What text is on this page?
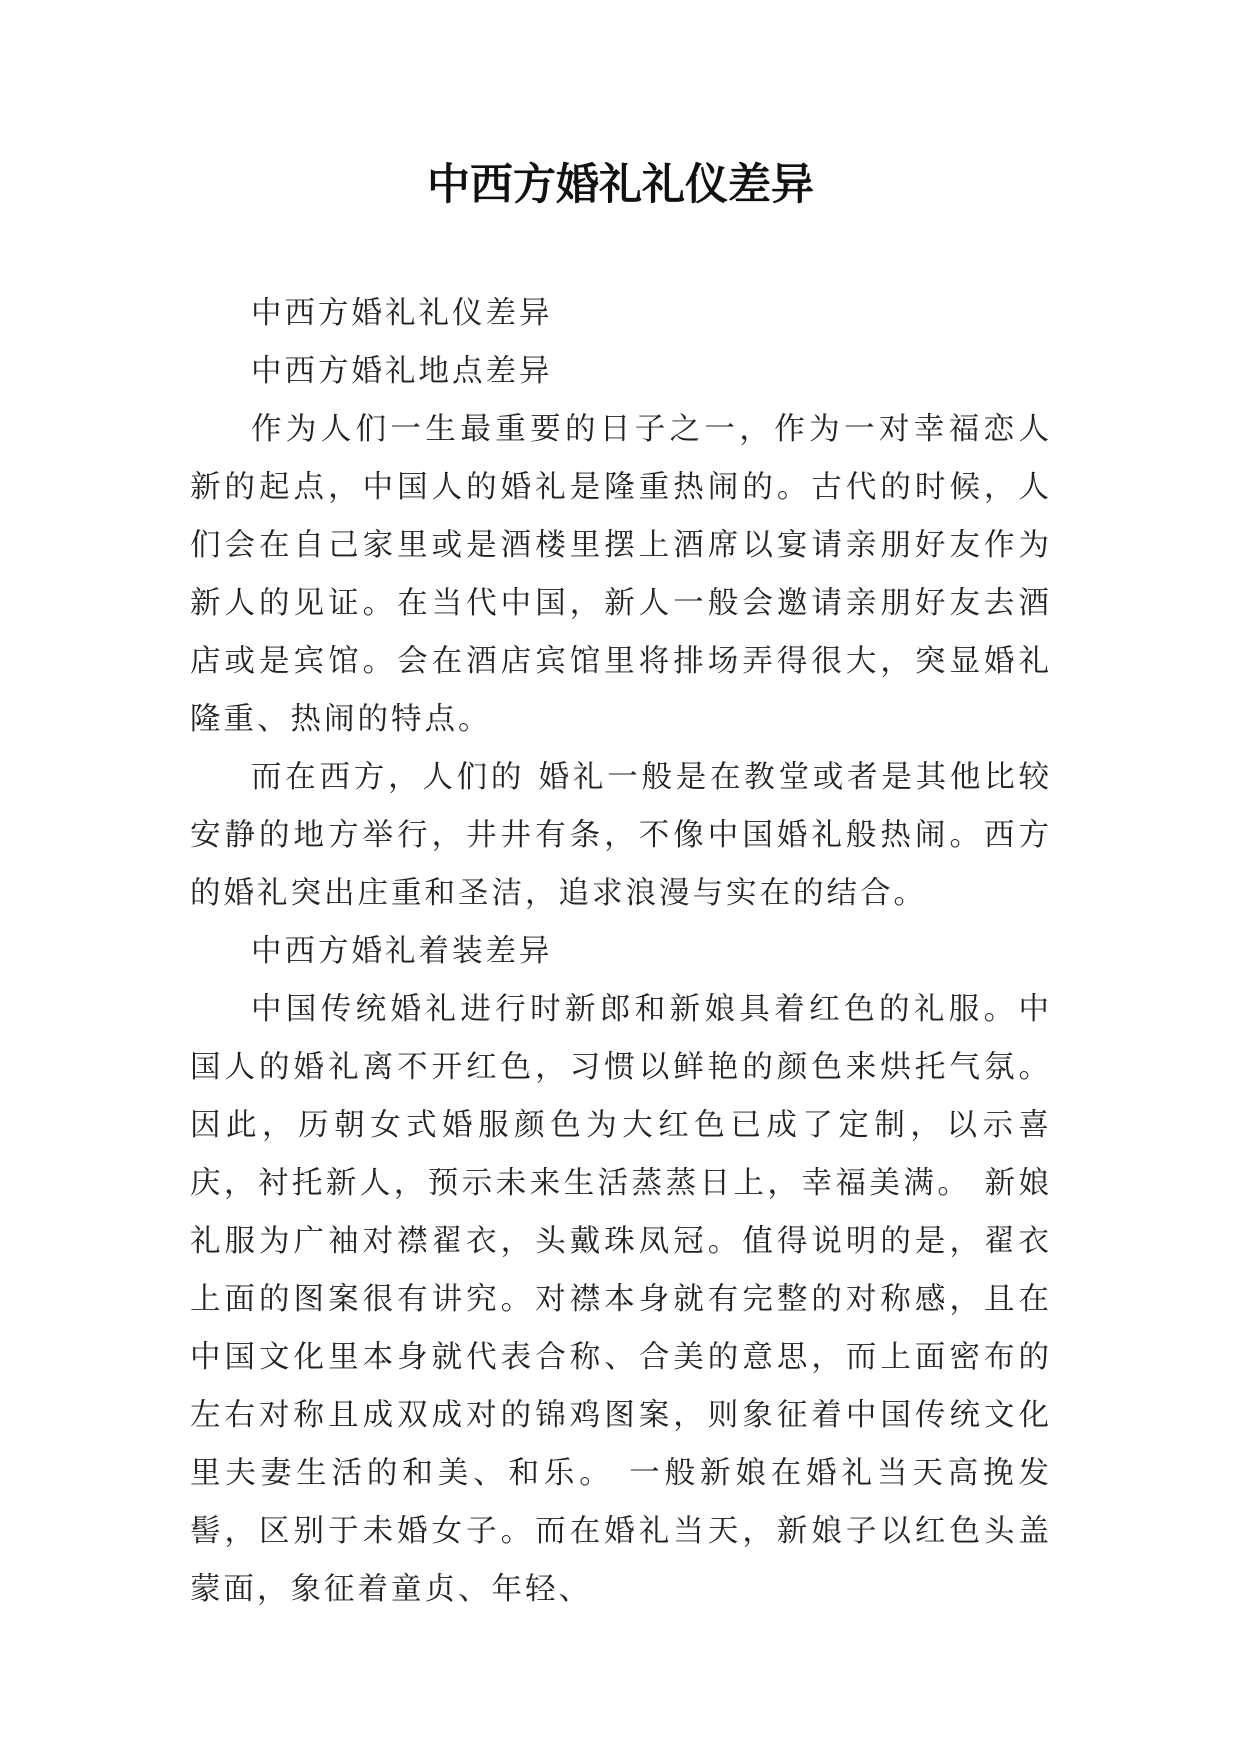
中西方婚礼礼仪差异

中西方婚礼礼仪差异

中西方婚礼地点差异

作为人们一生最重要的日子之一，作为一对幸福恋人新的起点，中国人的婚礼是隆重热闹的。古代的时候，人们会在自己家里或是酒楼里摆上酒席以宴请亲朋好友作为新人的见证。在当代中国，新人一般会邀请亲朋好友去酒店或是宾馆。会在酒店宾馆里将排场弄得很大，突显婚礼隆重、热闹的特点。

而在西方，人们的 婚礼一般是在教堂或者是其他比较安静的地方举行，井井有条，不像中国婚礼般热闹。西方的婚礼突出庄重和圣洁，追求浪漫与实在的结合。

中西方婚礼着装差异

中国传统婚礼进行时新郎和新娘具着红色的礼服。中国人的婚礼离不开红色，习惯以鲜艳的颜色来烘托气氛。因此，历朝女式婚服颜色为大红色已成了定制，以示喜庆，衬托新人，预示未来生活蒸蒸日上，幸福美满。 新娘礼服为广袖对襟翟衣，头戴珠凤冠。值得说明的是，翟衣上面的图案很有讲究。对襟本身就有完整的对称感，且在中国文化里本身就代表合称、合美的意思，而上面密布的左右对称且成双成对的锦鸡图案，则象征着中国传统文化里夫妻生活的和美、和乐。 一般新娘在婚礼当天高挽发髻，区别于未婚女子。而在婚礼当天，新娘子以红色头盖蒙面，象征着童贞、年轻、
